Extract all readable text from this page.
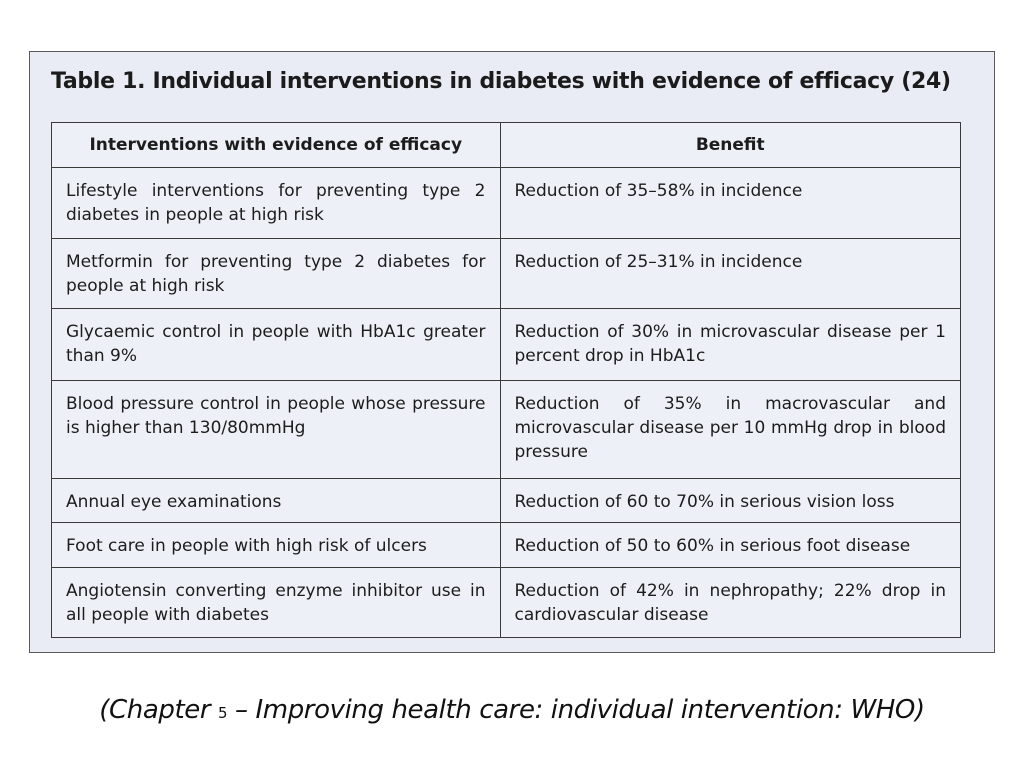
Table 1. Individual interventions in diabetes with evidence of efficacy (24)
Interventions with evidence of efficacy	Benefit
Lifestyle interventions for preventing type 2 diabetes in people at high risk	Reduction of 35–58% in incidence
Metformin for preventing type 2 diabetes for people at high risk	Reduction of 25–31% in incidence
Glycaemic control in people with HbA1c greater than 9%	Reduction of 30% in microvascular disease per 1 percent drop in HbA1c
Blood pressure control in people whose pressure is higher than 130/80mmHg	Reduction of 35% in macrovascular and microvascular disease per 10 mmHg drop in blood pressure
Annual eye examinations	Reduction of 60 to 70% in serious vision loss
Foot care in people with high risk of ulcers	Reduction of 50 to 60% in serious foot disease
Angiotensin converting enzyme inhibitor use in all people with diabetes	Reduction of 42% in nephropathy; 22% drop in cardiovascular disease

(Chapter 5 – Improving health care: individual intervention: WHO)
